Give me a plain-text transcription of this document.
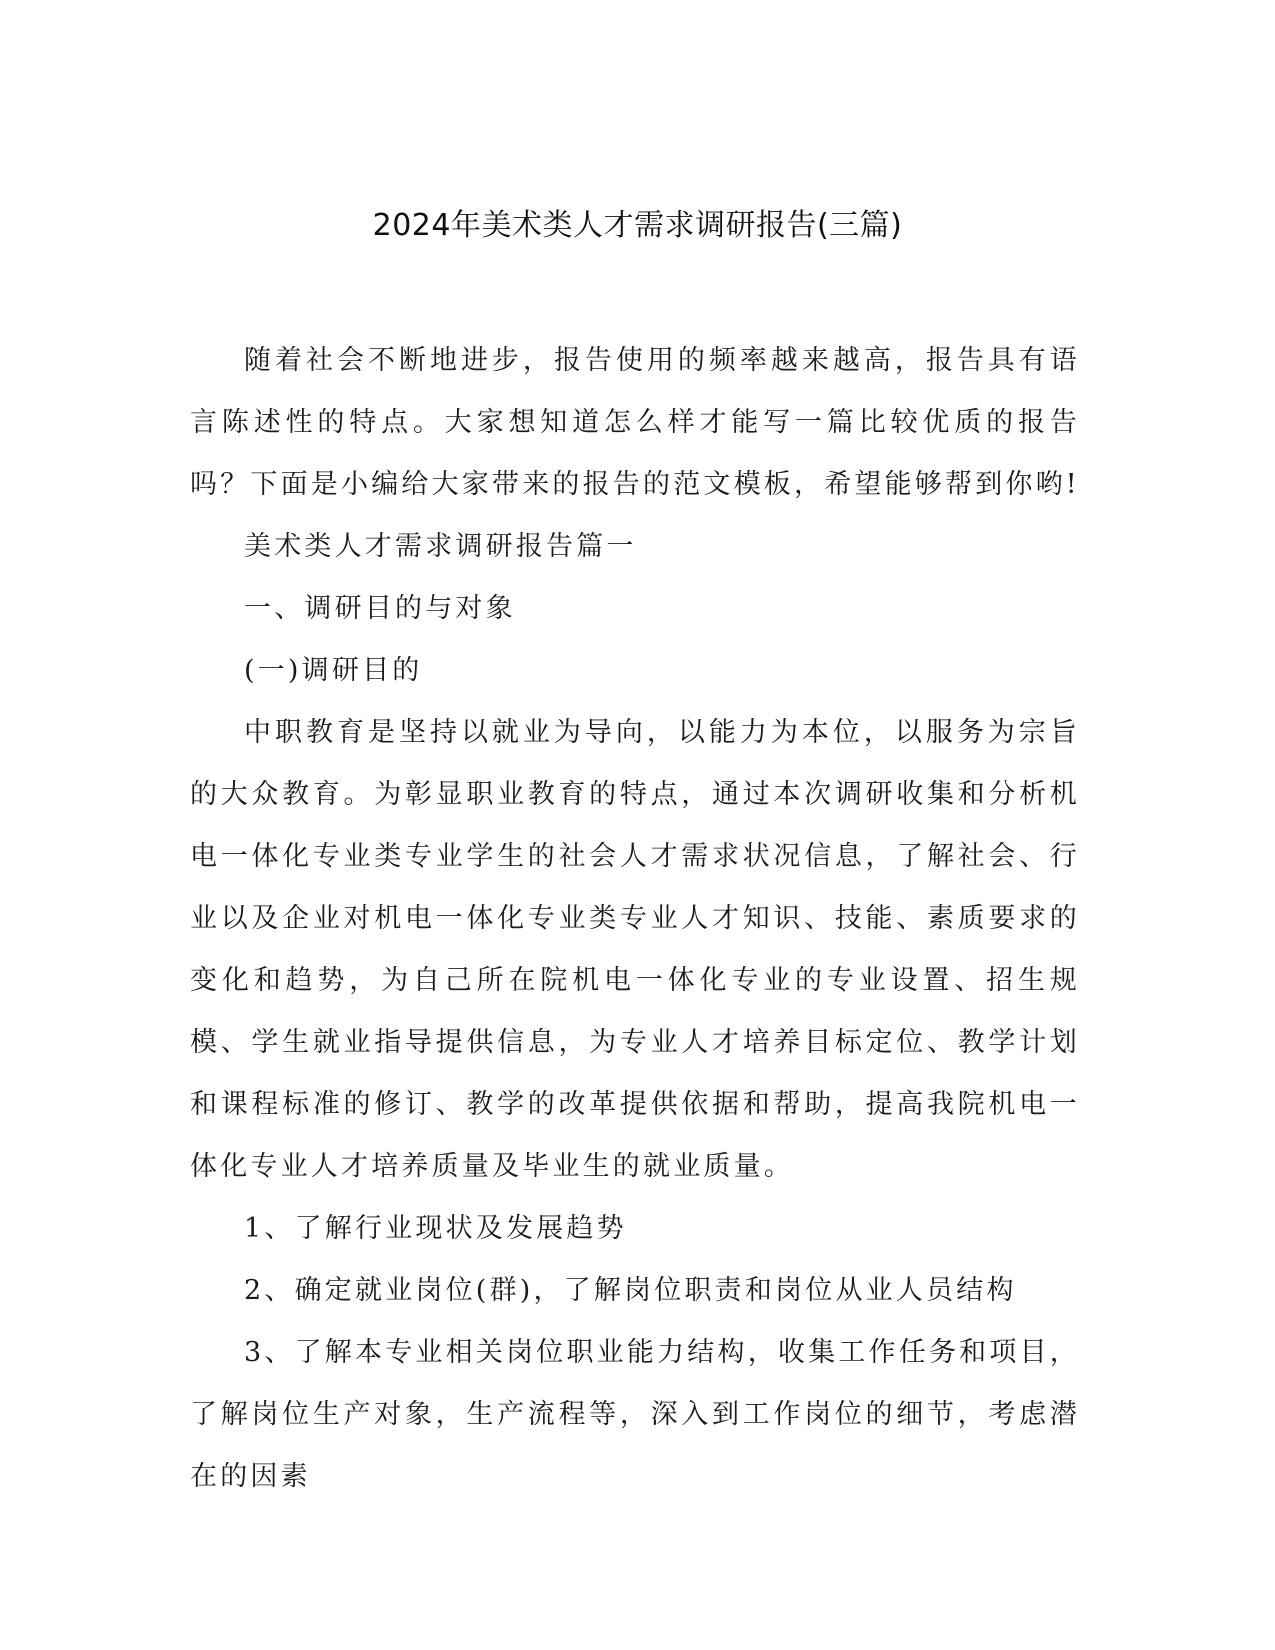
2024年美术类人才需求调研报告(三篇)

随着社会不断地进步，报告使用的频率越来越高，报告具有语言陈述性的特点。大家想知道怎么样才能写一篇比较优质的报告吗？下面是小编给大家带来的报告的范文模板，希望能够帮到你哟!

美术类人才需求调研报告篇一

一、调研目的与对象

(一)调研目的

中职教育是坚持以就业为导向，以能力为本位，以服务为宗旨的大众教育。为彰显职业教育的特点，通过本次调研收集和分析机电一体化专业类专业学生的社会人才需求状况信息，了解社会、行业以及企业对机电一体化专业类专业人才知识、技能、素质要求的变化和趋势，为自己所在院机电一体化专业的专业设置、招生规模、学生就业指导提供信息，为专业人才培养目标定位、教学计划和课程标准的修订、教学的改革提供依据和帮助，提高我院机电一体化专业人才培养质量及毕业生的就业质量。

1、了解行业现状及发展趋势

2、确定就业岗位(群)，了解岗位职责和岗位从业人员结构

3、了解本专业相关岗位职业能力结构，收集工作任务和项目，了解岗位生产对象，生产流程等，深入到工作岗位的细节，考虑潜在的因素
